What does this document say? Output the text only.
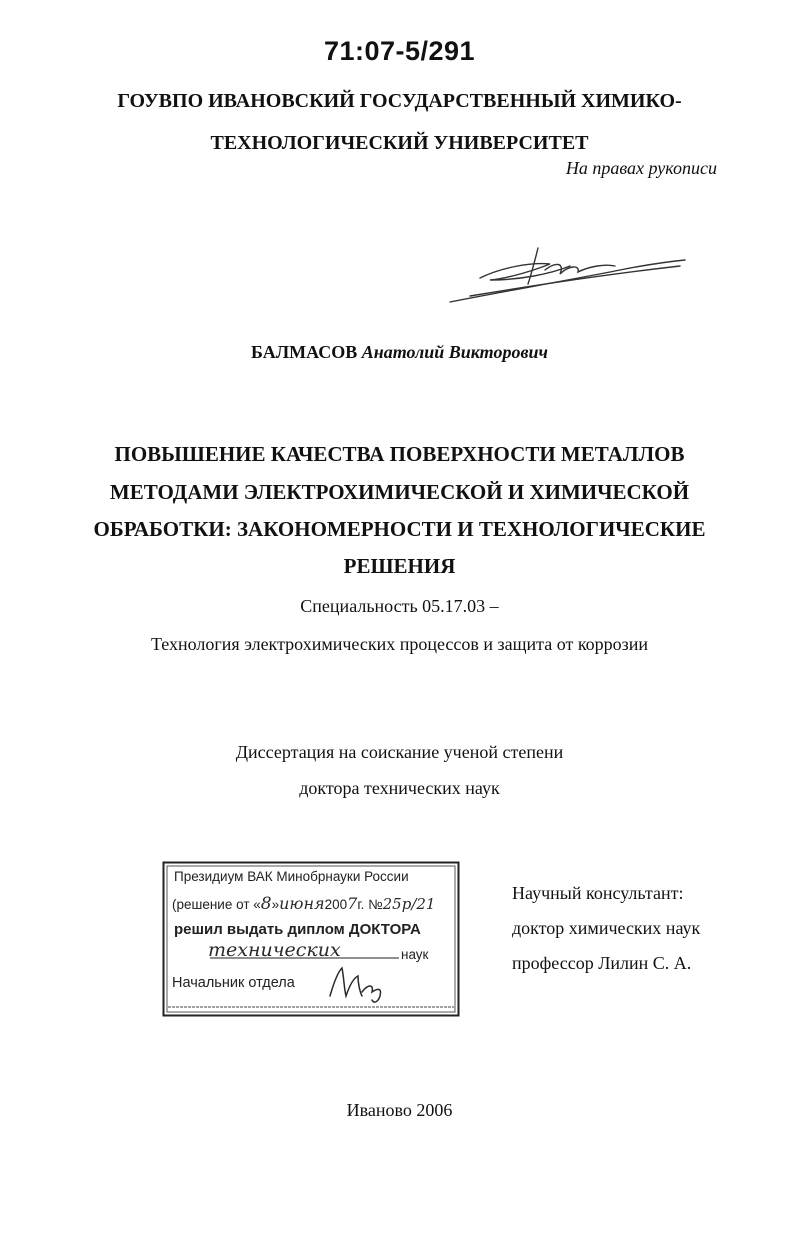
71:07-5/291
ГОУВПО ИВАНОВСКИЙ ГОСУДАРСТВЕННЫЙ ХИМИКО-
ТЕХНОЛОГИЧЕСКИЙ УНИВЕРСИТЕТ
На правах рукописи
БАЛМАСОВ Анатолий Викторович
ПОВЫШЕНИЕ КАЧЕСТВА ПОВЕРХНОСТИ МЕТАЛЛОВ
МЕТОДАМИ ЭЛЕКТРОХИМИЧЕСКОЙ И ХИМИЧЕСКОЙ
ОБРАБОТКИ: ЗАКОНОМЕРНОСТИ И ТЕХНОЛОГИЧЕСКИЕ
РЕШЕНИЯ
Специальность 05.17.03 –
Технология электрохимических процессов и защита от коррозии
Диссертация на соискание ученой степени
доктора технических наук
Президиум ВАК Минобрнауки России
(решение от «8»июня2007г. №25р/21
решил выдать диплом ДОКТОРА
технических	наук
Начальник отдела
Научный консультант:
доктор химических наук
профессор Лилин С. А.
Иваново 2006
